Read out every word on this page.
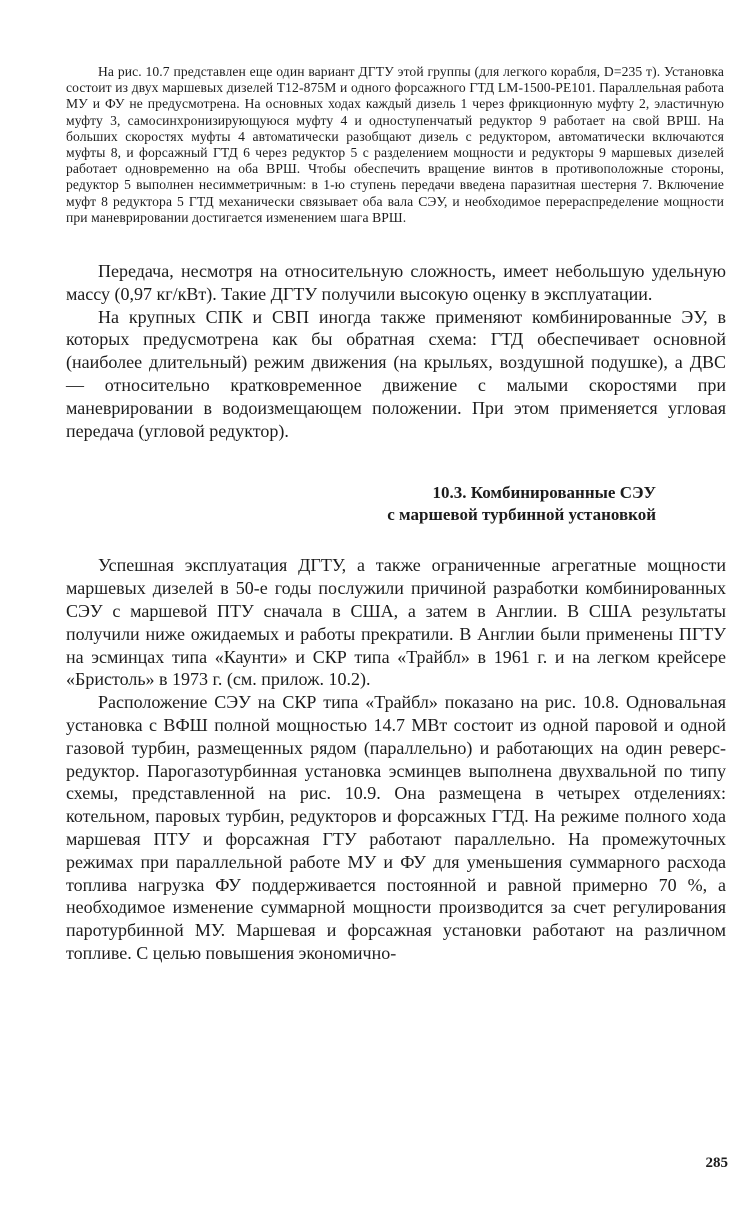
На рис. 10.7 представлен еще один вариант ДГТУ этой группы (для легкого корабля, D=235 т). Установка состоит из двух маршевых дизелей Т12-875М и одного форсажного ГТД LM-1500-PE101. Параллельная работа МУ и ФУ не предусмотрена. На основных ходах каждый дизель 1 через фрикционную муфту 2, эластичную муфту 3, самосинхронизирующуюся муфту 4 и одноступенчатый редуктор 9 работает на свой ВРШ. На больших скоростях муфты 4 автоматически разобщают дизель с редуктором, автоматически включаются муфты 8, и форсажный ГТД 6 через редуктор 5 с разделением мощности и редукторы 9 маршевых дизелей работает одновременно на оба ВРШ. Чтобы обеспечить вращение винтов в противоположные стороны, редуктор 5 выполнен несимметричным: в 1-ю ступень передачи введена паразитная шестерня 7. Включение муфт 8 редуктора 5 ГТД механически связывает оба вала СЭУ, и необходимое перераспределение мощности при маневрировании достигается изменением шага ВРШ.

Передача, несмотря на относительную сложность, имеет небольшую удельную массу (0,97 кг/кВт). Такие ДГТУ получили высокую оценку в эксплуатации.

На крупных СПК и СВП иногда также применяют комбинированные ЭУ, в которых предусмотрена как бы обратная схема: ГТД обеспечивает основной (наиболее длительный) режим движения (на крыльях, воздушной подушке), а ДВС — относительно кратковременное движение с малыми скоростями при маневрировании в водоизмещающем положении. При этом применяется угловая передача (угловой редуктор).

10.3. Комбинированные СЭУ
с маршевой турбинной установкой

Успешная эксплуатация ДГТУ, а также ограниченные агрегатные мощности маршевых дизелей в 50-е годы послужили причиной разработки комбинированных СЭУ с маршевой ПТУ сначала в США, а затем в Англии. В США результаты получили ниже ожидаемых и работы прекратили. В Англии были применены ПГТУ на эсминцах типа «Каунти» и СКР типа «Трайбл» в 1961 г. и на легком крейсере «Бристоль» в 1973 г. (см. прилож. 10.2).

Расположение СЭУ на СКР типа «Трайбл» показано на рис. 10.8. Одновальная установка с ВФШ полной мощностью 14.7 МВт состоит из одной паровой и одной газовой турбин, размещенных рядом (параллельно) и работающих на один реверс-редуктор. Парогазотурбинная установка эсминцев выполнена двухвальной по типу схемы, представленной на рис. 10.9. Она размещена в четырех отделениях: котельном, паровых турбин, редукторов и форсажных ГТД. На режиме полного хода маршевая ПТУ и форсажная ГТУ работают параллельно. На промежуточных режимах при параллельной работе МУ и ФУ для уменьшения суммарного расхода топлива нагрузка ФУ поддерживается постоянной и равной примерно 70 %, а необходимое изменение суммарной мощности производится за счет регулирования паротурбинной МУ. Маршевая и форсажная установки работают на различном топливе. С целью повышения экономично-

285
